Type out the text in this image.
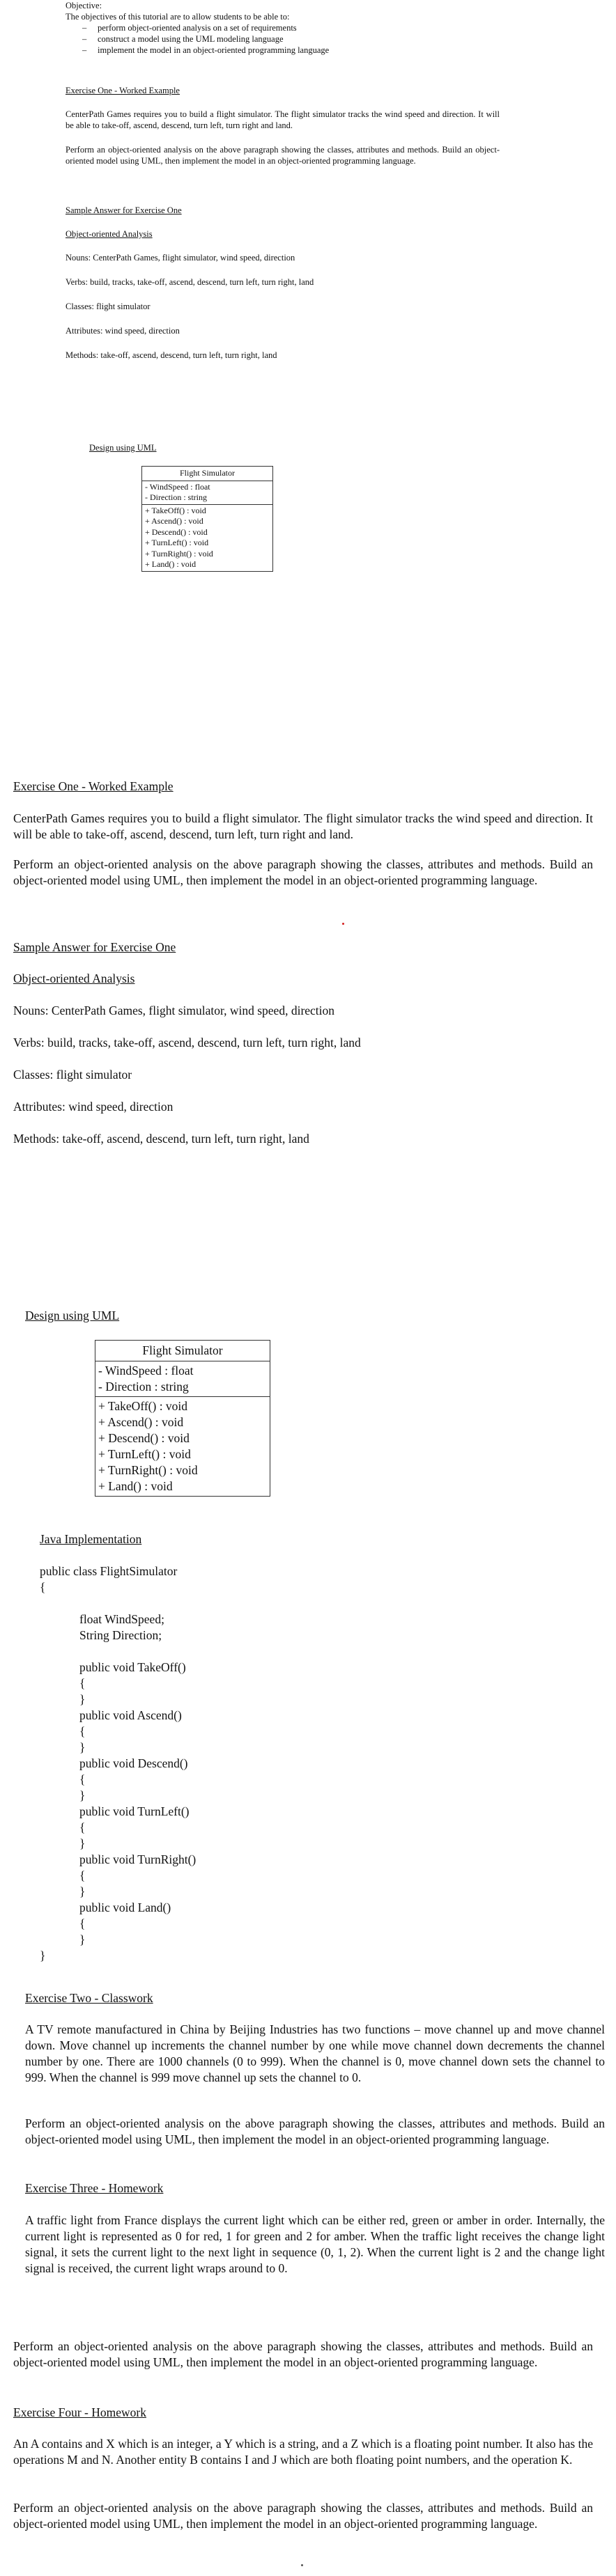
Objective:

The objectives of this tutorial are to allow students to be able to:

– perform object-oriented analysis on a set of requirements
– construct a model using the UML modeling language
– implement the model in an object-oriented programming language

Exercise One - Worked Example

CenterPath Games requires you to build a flight simulator. The flight simulator tracks the wind speed and direction. It will be able to take-off, ascend, descend, turn left, turn right and land.

Perform an object-oriented analysis on the above paragraph showing the classes, attributes and methods. Build an object-oriented model using UML, then implement the model in an object-oriented programming language.

Sample Answer for Exercise One

Object-oriented Analysis

Nouns: CenterPath Games, flight simulator, wind speed, direction

Verbs: build, tracks, take-off, ascend, descend, turn left, turn right, land

Classes: flight simulator

Attributes: wind speed, direction

Methods: take-off, ascend, descend, turn left, turn right, land

Design using UML

Flight Simulator
- WindSpeed : float
- Direction : string
+ TakeOff() : void
+ Ascend() : void
+ Descend() : void
+ TurnLeft() : void
+ TurnRight() : void
+ Land() : void

Exercise One - Worked Example

CenterPath Games requires you to build a flight simulator. The flight simulator tracks the wind speed and direction. It will be able to take-off, ascend, descend, turn left, turn right and land.

Perform an object-oriented analysis on the above paragraph showing the classes, attributes and methods. Build an object-oriented model using UML, then implement the model in an object-oriented programming language.

Sample Answer for Exercise One

Object-oriented Analysis

Nouns: CenterPath Games, flight simulator, wind speed, direction

Verbs: build, tracks, take-off, ascend, descend, turn left, turn right, land

Classes: flight simulator

Attributes: wind speed, direction

Methods: take-off, ascend, descend, turn left, turn right, land

Design using UML

Flight Simulator
- WindSpeed : float
- Direction : string
+ TakeOff() : void
+ Ascend() : void
+ Descend() : void
+ TurnLeft() : void
+ TurnRight() : void
+ Land() : void

Java Implementation

public class FlightSimulator
{
float WindSpeed;
String Direction;
public void TakeOff()
{
}
public void Ascend()
{
}
public void Descend()
{
}
public void TurnLeft()
{
}
public void TurnRight()
{
}
public void Land()
{
}
}

Exercise Two - Classwork

A TV remote manufactured in China by Beijing Industries has two functions – move channel up and move channel down. Move channel up increments the channel number by one while move channel down decrements the channel number by one. There are 1000 channels (0 to 999). When the channel is 0, move channel down sets the channel to 999. When the channel is 999 move channel up sets the channel to 0.

Perform an object-oriented analysis on the above paragraph showing the classes, attributes and methods. Build an object-oriented model using UML, then implement the model in an object-oriented programming language.

Exercise Three - Homework

A traffic light from France displays the current light which can be either red, green or amber in order. Internally, the current light is represented as 0 for red, 1 for green and 2 for amber. When the traffic light receives the change light signal, it sets the current light to the next light in sequence (0, 1, 2). When the current light is 2 and the change light signal is received, the current light wraps around to 0.

Perform an object-oriented analysis on the above paragraph showing the classes, attributes and methods. Build an object-oriented model using UML, then implement the model in an object-oriented programming language.

Exercise Four - Homework

An A contains and X which is an integer, a Y which is a string, and a Z which is a floating point number. It also has the operations M and N. Another entity B contains I and J which are both floating point numbers, and the operation K.

Perform an object-oriented analysis on the above paragraph showing the classes, attributes and methods. Build an object-oriented model using UML, then implement the model in an object-oriented programming language.
